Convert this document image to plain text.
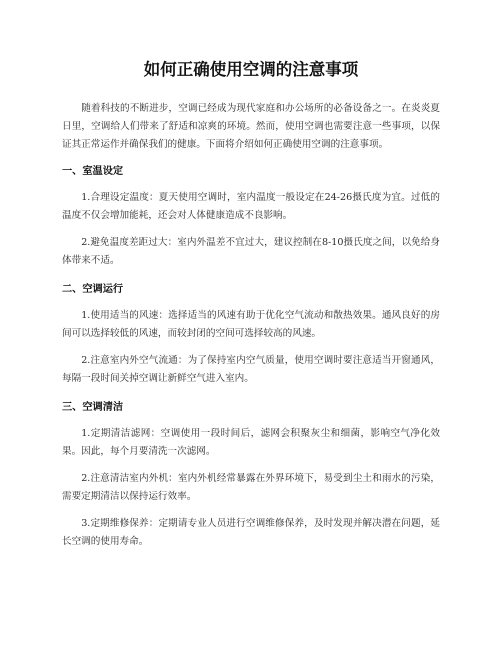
如何正确使用空调的注意事项

随着科技的不断进步，空调已经成为现代家庭和办公场所的必备设备之一。在炎炎夏日里，空调给人们带来了舒适和凉爽的环境。然而，使用空调也需要注意一些事项，以保证其正常运作并确保我们的健康。下面将介绍如何正确使用空调的注意事项。

一、室温设定

1.合理设定温度：夏天使用空调时，室内温度一般设定在24-26摄氏度为宜。过低的温度不仅会增加能耗，还会对人体健康造成不良影响。

2.避免温度差距过大：室内外温差不宜过大，建议控制在8-10摄氏度之间，以免给身体带来不适。

二、空调运行

1.使用适当的风速：选择适当的风速有助于优化空气流动和散热效果。通风良好的房间可以选择较低的风速，而较封闭的空间可选择较高的风速。

2.注意室内外空气流通：为了保持室内空气质量，使用空调时要注意适当开窗通风，每隔一段时间关掉空调让新鲜空气进入室内。

三、空调清洁

1.定期清洁滤网：空调使用一段时间后，滤网会积聚灰尘和细菌，影响空气净化效果。因此，每个月要清洗一次滤网。

2.注意清洁室内外机：室内外机经常暴露在外界环境下，易受到尘土和雨水的污染，需要定期清洁以保持运行效率。

3.定期维修保养：定期请专业人员进行空调维修保养，及时发现并解决潜在问题，延长空调的使用寿命。
